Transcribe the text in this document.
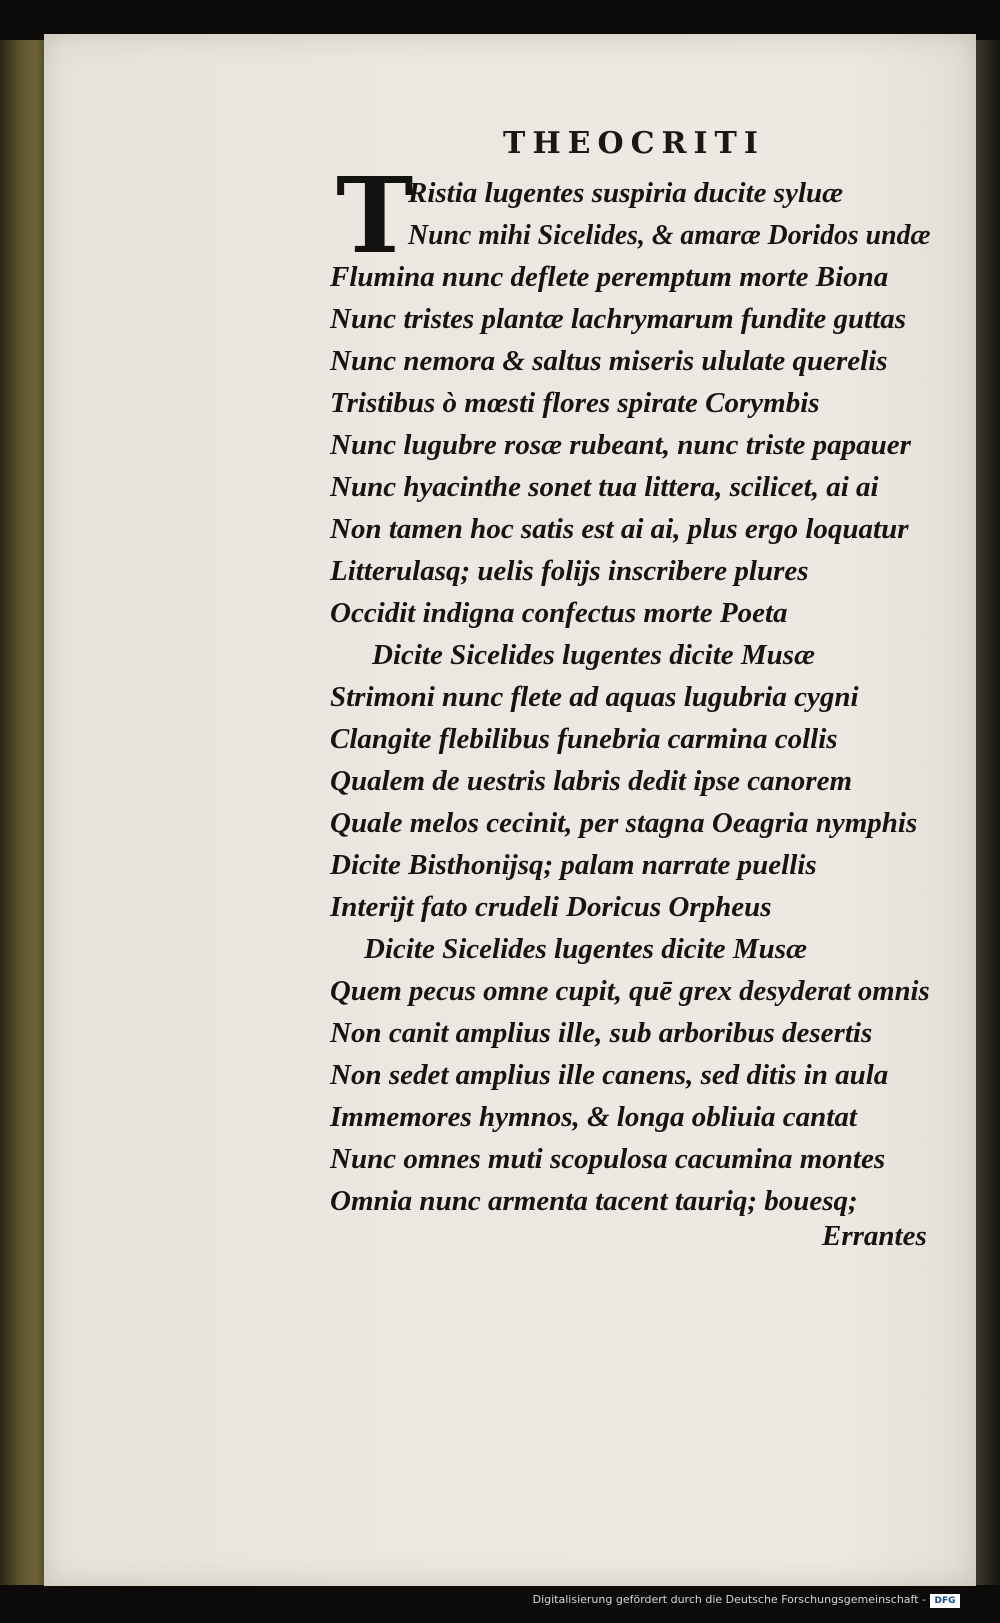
THEOCRITI

T

Ristia lugentes suspiria ducite syluæ

Nunc mihi Sicelides, & amaræ Doridos undæ

Flumina nunc deflete peremptum morte Biona

Nunc tristes plantæ lachrymarum fundite guttas

Nunc nemora & saltus miseris ululate querelis

Tristibus ò mœsti flores spirate Corymbis

Nunc lugubre rosæ rubeant, nunc triste papauer

Nunc hyacinthe sonet tua littera, scilicet, ai ai

Non tamen hoc satis est ai ai, plus ergo loquatur

Litterulasq; uelis folijs inscribere plures

Occidit indigna confectus morte Poeta

Dicite Sicelides lugentes dicite Musæ

Strimoni nunc flete ad aquas lugubria cygni

Clangite flebilibus funebria carmina collis

Qualem de uestris labris dedit ipse canorem

Quale melos cecinit, per stagna Oeagria nymphis

Dicite Bisthonijsq; palam narrate puellis

Interijt fato crudeli Doricus Orpheus

Dicite Sicelides lugentes dicite Musæ

Quem pecus omne cupit, quē grex desyderat omnis

Non canit amplius ille, sub arboribus desertis

Non sedet amplius ille canens, sed ditis in aula

Immemores hymnos, & longa obliuia cantat

Nunc omnes muti scopulosa cacumina montes

Omnia nunc armenta tacent tauriq; bouesq;

Errantes

Digitalisierung gefördert durch die Deutsche Forschungsgemeinschaft - DFG
